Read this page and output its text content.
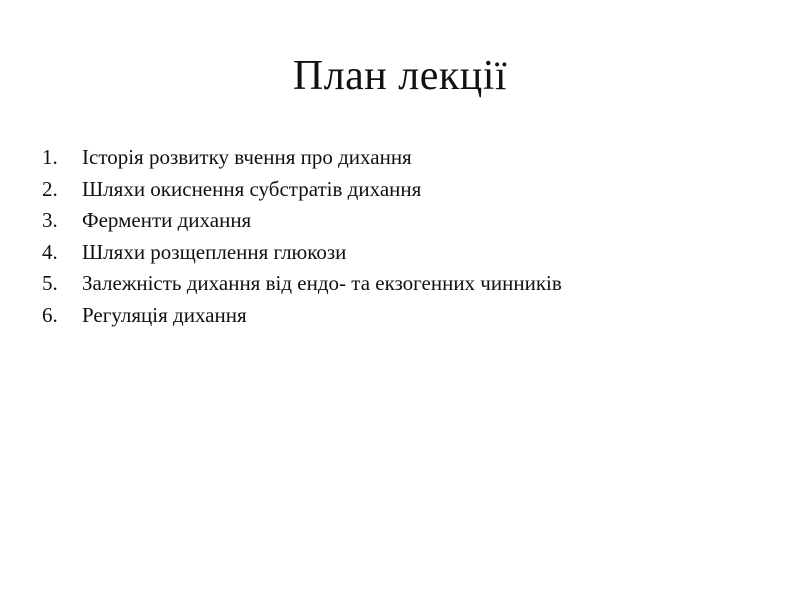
План лекції
1.	Історія розвитку вчення про дихання
2.	Шляхи окиснення субстратів дихання
3.	Ферменти дихання
4.	Шляхи розщеплення глюкози
5.	Залежність дихання від ендо- та екзогенних чинників
6.	Регуляція дихання
